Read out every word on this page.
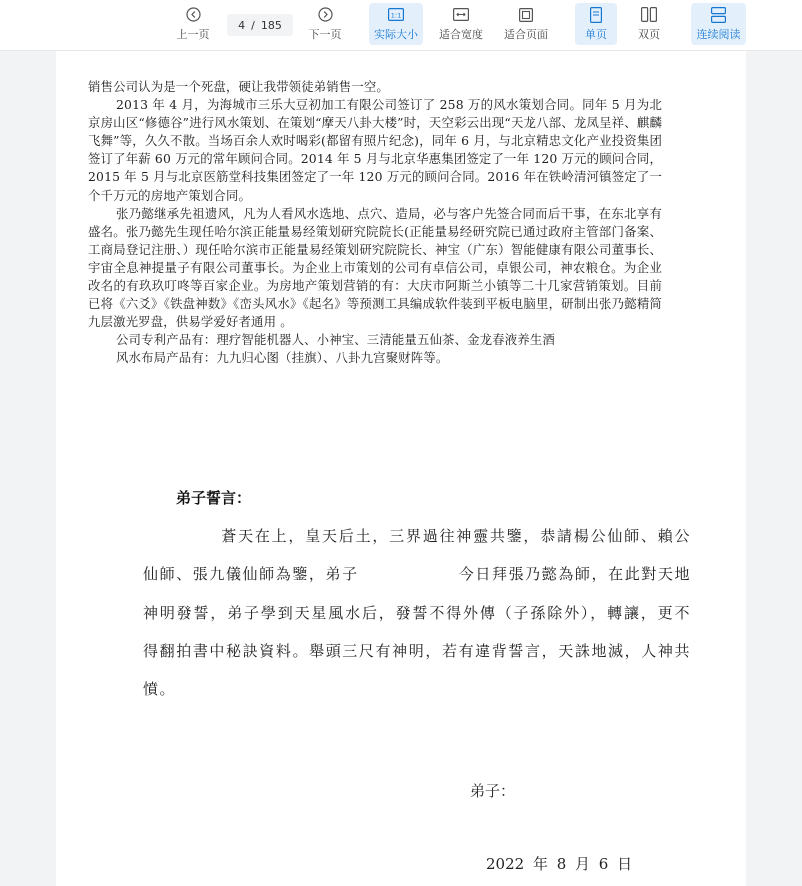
上一页
4 / 185
下一页
1:1
实际大小 适合宽度 适合页面	单页	双页	连续阅读

销售公司认为是一个死盘，硬让我带领徒弟销售一空。

2013 年 4 月，为海城市三乐大豆初加工有限公司签订了 258 万的风水策划合同。同年 5 月为北京房山区“修德谷”进行风水策划、在策划“摩天八卦大楼”时，天空彩云出现“天龙八部、龙凤呈祥、麒麟飞舞”等，久久不散。当场百余人欢时喝彩(都留有照片纪念)，同年 6 月，与北京精忠文化产业投资集团签订了年薪 60 万元的常年顾问合同。2014 年 5 月与北京华惠集团签定了一年 120 万元的顾问合同，2015 年 5 月与北京医筋堂科技集团签定了一年 120 万元的顾问合同。2016 年在铁岭清河镇签定了一个千万元的房地产策划合同。

张乃懿继承先祖遗风，凡为人看风水选地、点穴、造局，必与客户先签合同而后干事，在东北享有盛名。张乃懿先生现任哈尔滨正能量易经策划研究院院长(正能量易经研究院已通过政府主管部门备案、工商局登记注册、）现任哈尔滨市正能量易经策划研究院院长、神宝（广东）智能健康有限公司董事长、宇宙全息神提量子有限公司董事长。为企业上市策划的公司有卓信公司，卓银公司，神农粮仓。为企业改名的有玖玖叮咚等百家企业。为房地产策划营销的有：大庆市阿斯兰小镇等二十几家营销策划。目前已将《六爻》《铁盘神数》《峦头风水》《起名》等预测工具编成软件装到平板电脑里，研制出张乃懿精简九层激光罗盘，供易学爱好者通用 。

公司专利产品有：理疗智能机器人、小神宝、三清能量五仙茶、金龙春液养生酒

风水布局产品有：九九归心图（挂旗）、八卦九宫聚财阵等。

弟子誓言：
蒼天在上，皇天后土，三界過往神靈共鑒，恭請楊公仙師、賴公仙師、張九儀仙師為鑒，弟子	今日拜張乃懿為師，在此對天地神明發誓，弟子學到天星風水后，發誓不得外傳（子孫除外），轉讓，更不得翻拍書中秘訣資料。舉頭三尺有神明，若有違背誓言，天誅地滅，人神共憤。
弟子：
2022 年 8 月 6 日
